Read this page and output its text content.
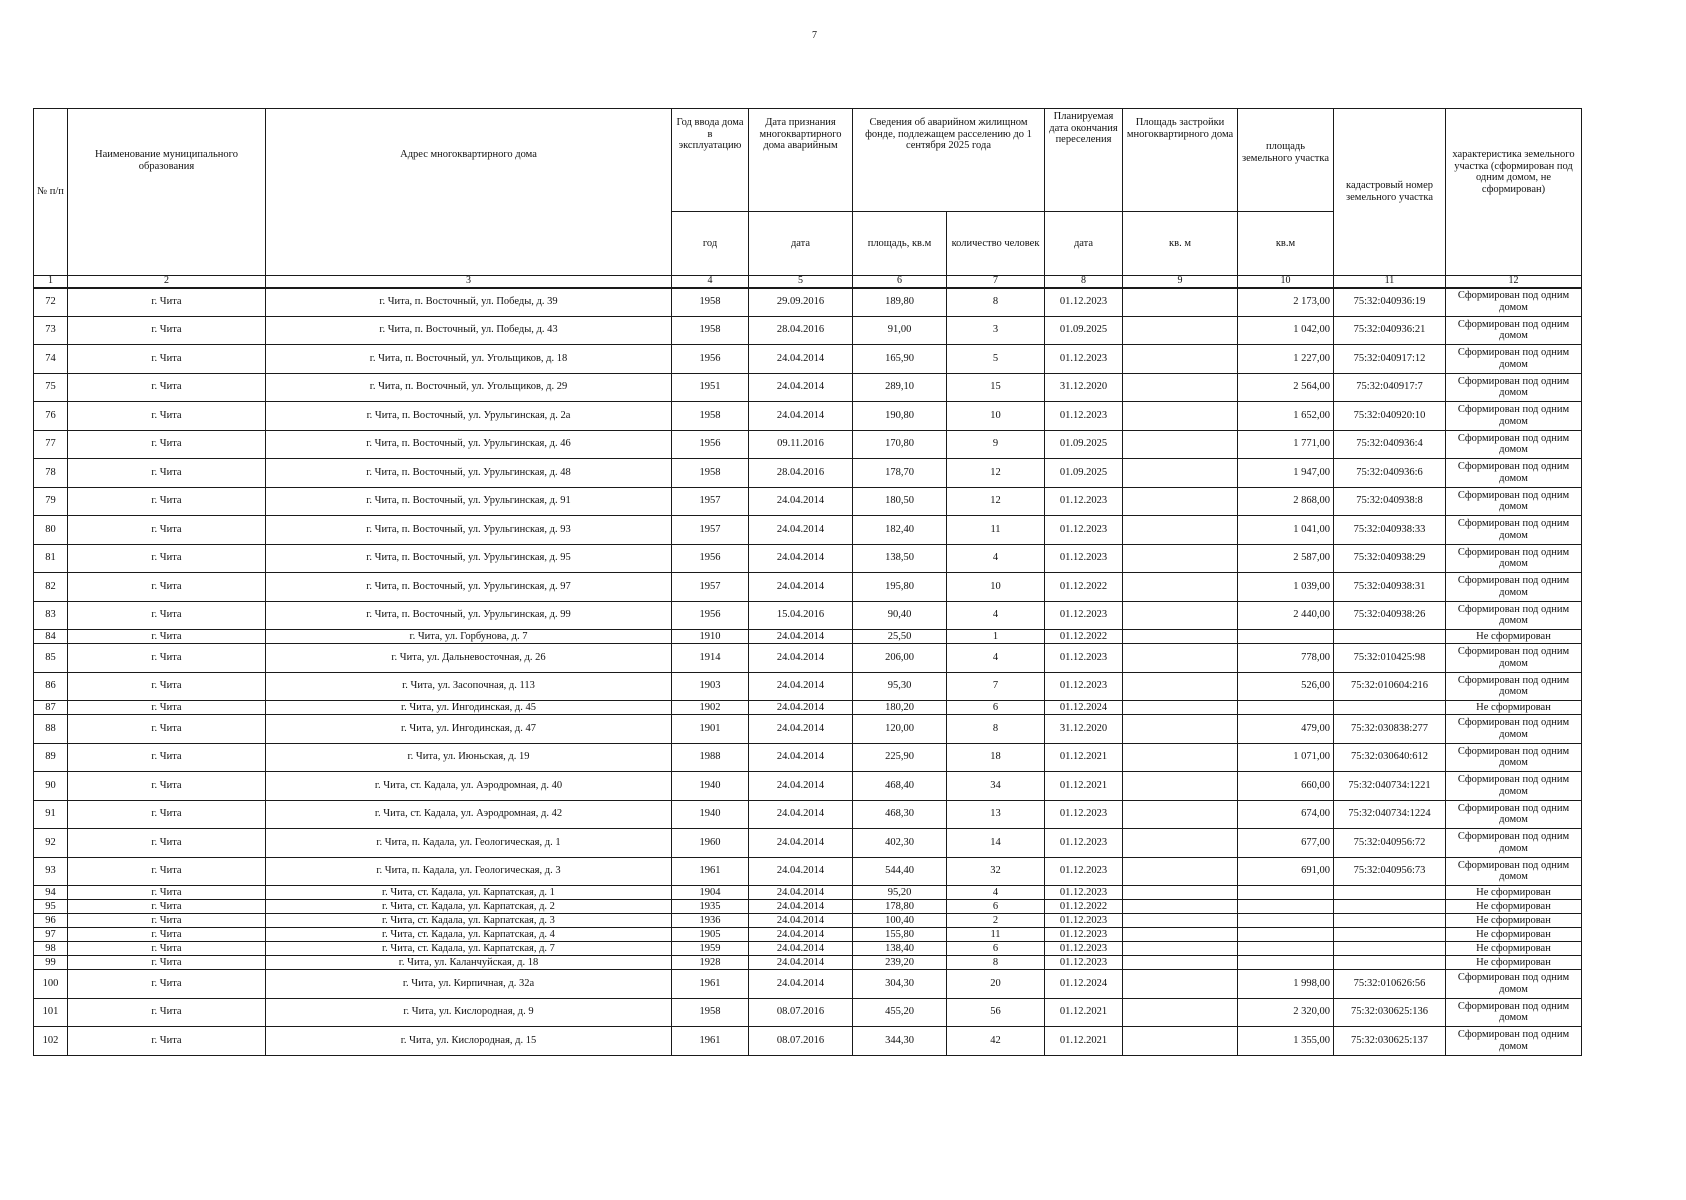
7
№ п/п	Наименование муниципального образования	Адрес многоквартирного дома	Год ввода дома в эксплуатацию	Дата признания многоквартирного дома аварийным	Сведения об аварийном жилищном фонде, подлежащем расселению до 1 сентября 2025 года		Планируемая дата окончания переселения	Площадь застройки многоквартирного дома	площадь земельного участка	кадастровый номер земельного участка	характеристика земельного участка (сформирован под одним домом, не сформирован)
			год	дата	площадь, кв.м	количество человек	дата	кв. м	кв.м		
1	2	3	4	5	6	7	8	9	10	11	12
72	г. Чита	г. Чита, п. Восточный, ул. Победы, д. 39	1958	29.09.2016	189,80	8	01.12.2023		2 173,00	75:32:040936:19	Сформирован под одним домом
73	г. Чита	г. Чита, п. Восточный, ул. Победы, д. 43	1958	28.04.2016	91,00	3	01.09.2025		1 042,00	75:32:040936:21	Сформирован под одним домом
74	г. Чита	г. Чита, п. Восточный, ул. Угольщиков, д. 18	1956	24.04.2014	165,90	5	01.12.2023		1 227,00	75:32:040917:12	Сформирован под одним домом
75	г. Чита	г. Чита, п. Восточный, ул. Угольщиков, д. 29	1951	24.04.2014	289,10	15	31.12.2020		2 564,00	75:32:040917:7	Сформирован под одним домом
76	г. Чита	г. Чита, п. Восточный, ул. Урульгинская, д. 2а	1958	24.04.2014	190,80	10	01.12.2023		1 652,00	75:32:040920:10	Сформирован под одним домом
77	г. Чита	г. Чита, п. Восточный, ул. Урульгинская, д. 46	1956	09.11.2016	170,80	9	01.09.2025		1 771,00	75:32:040936:4	Сформирован под одним домом
78	г. Чита	г. Чита, п. Восточный, ул. Урульгинская, д. 48	1958	28.04.2016	178,70	12	01.09.2025		1 947,00	75:32:040936:6	Сформирован под одним домом
79	г. Чита	г. Чита, п. Восточный, ул. Урульгинская, д. 91	1957	24.04.2014	180,50	12	01.12.2023		2 868,00	75:32:040938:8	Сформирован под одним домом
80	г. Чита	г. Чита, п. Восточный, ул. Урульгинская, д. 93	1957	24.04.2014	182,40	11	01.12.2023		1 041,00	75:32:040938:33	Сформирован под одним домом
81	г. Чита	г. Чита, п. Восточный, ул. Урульгинская, д. 95	1956	24.04.2014	138,50	4	01.12.2023		2 587,00	75:32:040938:29	Сформирован под одним домом
82	г. Чита	г. Чита, п. Восточный, ул. Урульгинская, д. 97	1957	24.04.2014	195,80	10	01.12.2022		1 039,00	75:32:040938:31	Сформирован под одним домом
83	г. Чита	г. Чита, п. Восточный, ул. Урульгинская, д. 99	1956	15.04.2016	90,40	4	01.12.2023		2 440,00	75:32:040938:26	Сформирован под одним домом
84	г. Чита	г. Чита, ул. Горбунова, д. 7	1910	24.04.2014	25,50	1	01.12.2022				Не сформирован
85	г. Чита	г. Чита, ул. Дальневосточная, д. 26	1914	24.04.2014	206,00	4	01.12.2023		778,00	75:32:010425:98	Сформирован под одним домом
86	г. Чита	г. Чита, ул. Засопочная, д. 113	1903	24.04.2014	95,30	7	01.12.2023		526,00	75:32:010604:216	Сформирован под одним домом
87	г. Чита	г. Чита, ул. Ингодинская, д. 45	1902	24.04.2014	180,20	6	01.12.2024				Не сформирован
88	г. Чита	г. Чита, ул. Ингодинская, д. 47	1901	24.04.2014	120,00	8	31.12.2020		479,00	75:32:030838:277	Сформирован под одним домом
89	г. Чита	г. Чита, ул. Июньская, д. 19	1988	24.04.2014	225,90	18	01.12.2021		1 071,00	75:32:030640:612	Сформирован под одним домом
90	г. Чита	г. Чита, ст. Кадала, ул. Аэродромная, д. 40	1940	24.04.2014	468,40	34	01.12.2021		660,00	75:32:040734:1221	Сформирован под одним домом
91	г. Чита	г. Чита, ст. Кадала, ул. Аэродромная, д. 42	1940	24.04.2014	468,30	13	01.12.2023		674,00	75:32:040734:1224	Сформирован под одним домом
92	г. Чита	г. Чита, п. Кадала, ул. Геологическая, д. 1	1960	24.04.2014	402,30	14	01.12.2023		677,00	75:32:040956:72	Сформирован под одним домом
93	г. Чита	г. Чита, п. Кадала, ул. Геологическая, д. 3	1961	24.04.2014	544,40	32	01.12.2023		691,00	75:32:040956:73	Сформирован под одним домом
94	г. Чита	г. Чита, ст. Кадала, ул. Карпатская, д. 1	1904	24.04.2014	95,20	4	01.12.2023				Не сформирован
95	г. Чита	г. Чита, ст. Кадала, ул. Карпатская, д. 2	1935	24.04.2014	178,80	6	01.12.2022				Не сформирован
96	г. Чита	г. Чита, ст. Кадала, ул. Карпатская, д. 3	1936	24.04.2014	100,40	2	01.12.2023				Не сформирован
97	г. Чита	г. Чита, ст. Кадала, ул. Карпатская, д. 4	1905	24.04.2014	155,80	11	01.12.2023				Не сформирован
98	г. Чита	г. Чита, ст. Кадала, ул. Карпатская, д. 7	1959	24.04.2014	138,40	6	01.12.2023				Не сформирован
99	г. Чита	г. Чита, ул. Каланчуйская, д. 18	1928	24.04.2014	239,20	8	01.12.2023				Не сформирован
100	г. Чита	г. Чита, ул. Кирпичная, д. 32а	1961	24.04.2014	304,30	20	01.12.2024		1 998,00	75:32:010626:56	Сформирован под одним домом
101	г. Чита	г. Чита, ул. Кислородная, д. 9	1958	08.07.2016	455,20	56	01.12.2021		2 320,00	75:32:030625:136	Сформирован под одним домом
102	г. Чита	г. Чита, ул. Кислородная, д. 15	1961	08.07.2016	344,30	42	01.12.2021		1 355,00	75:32:030625:137	Сформирован под одним домом
